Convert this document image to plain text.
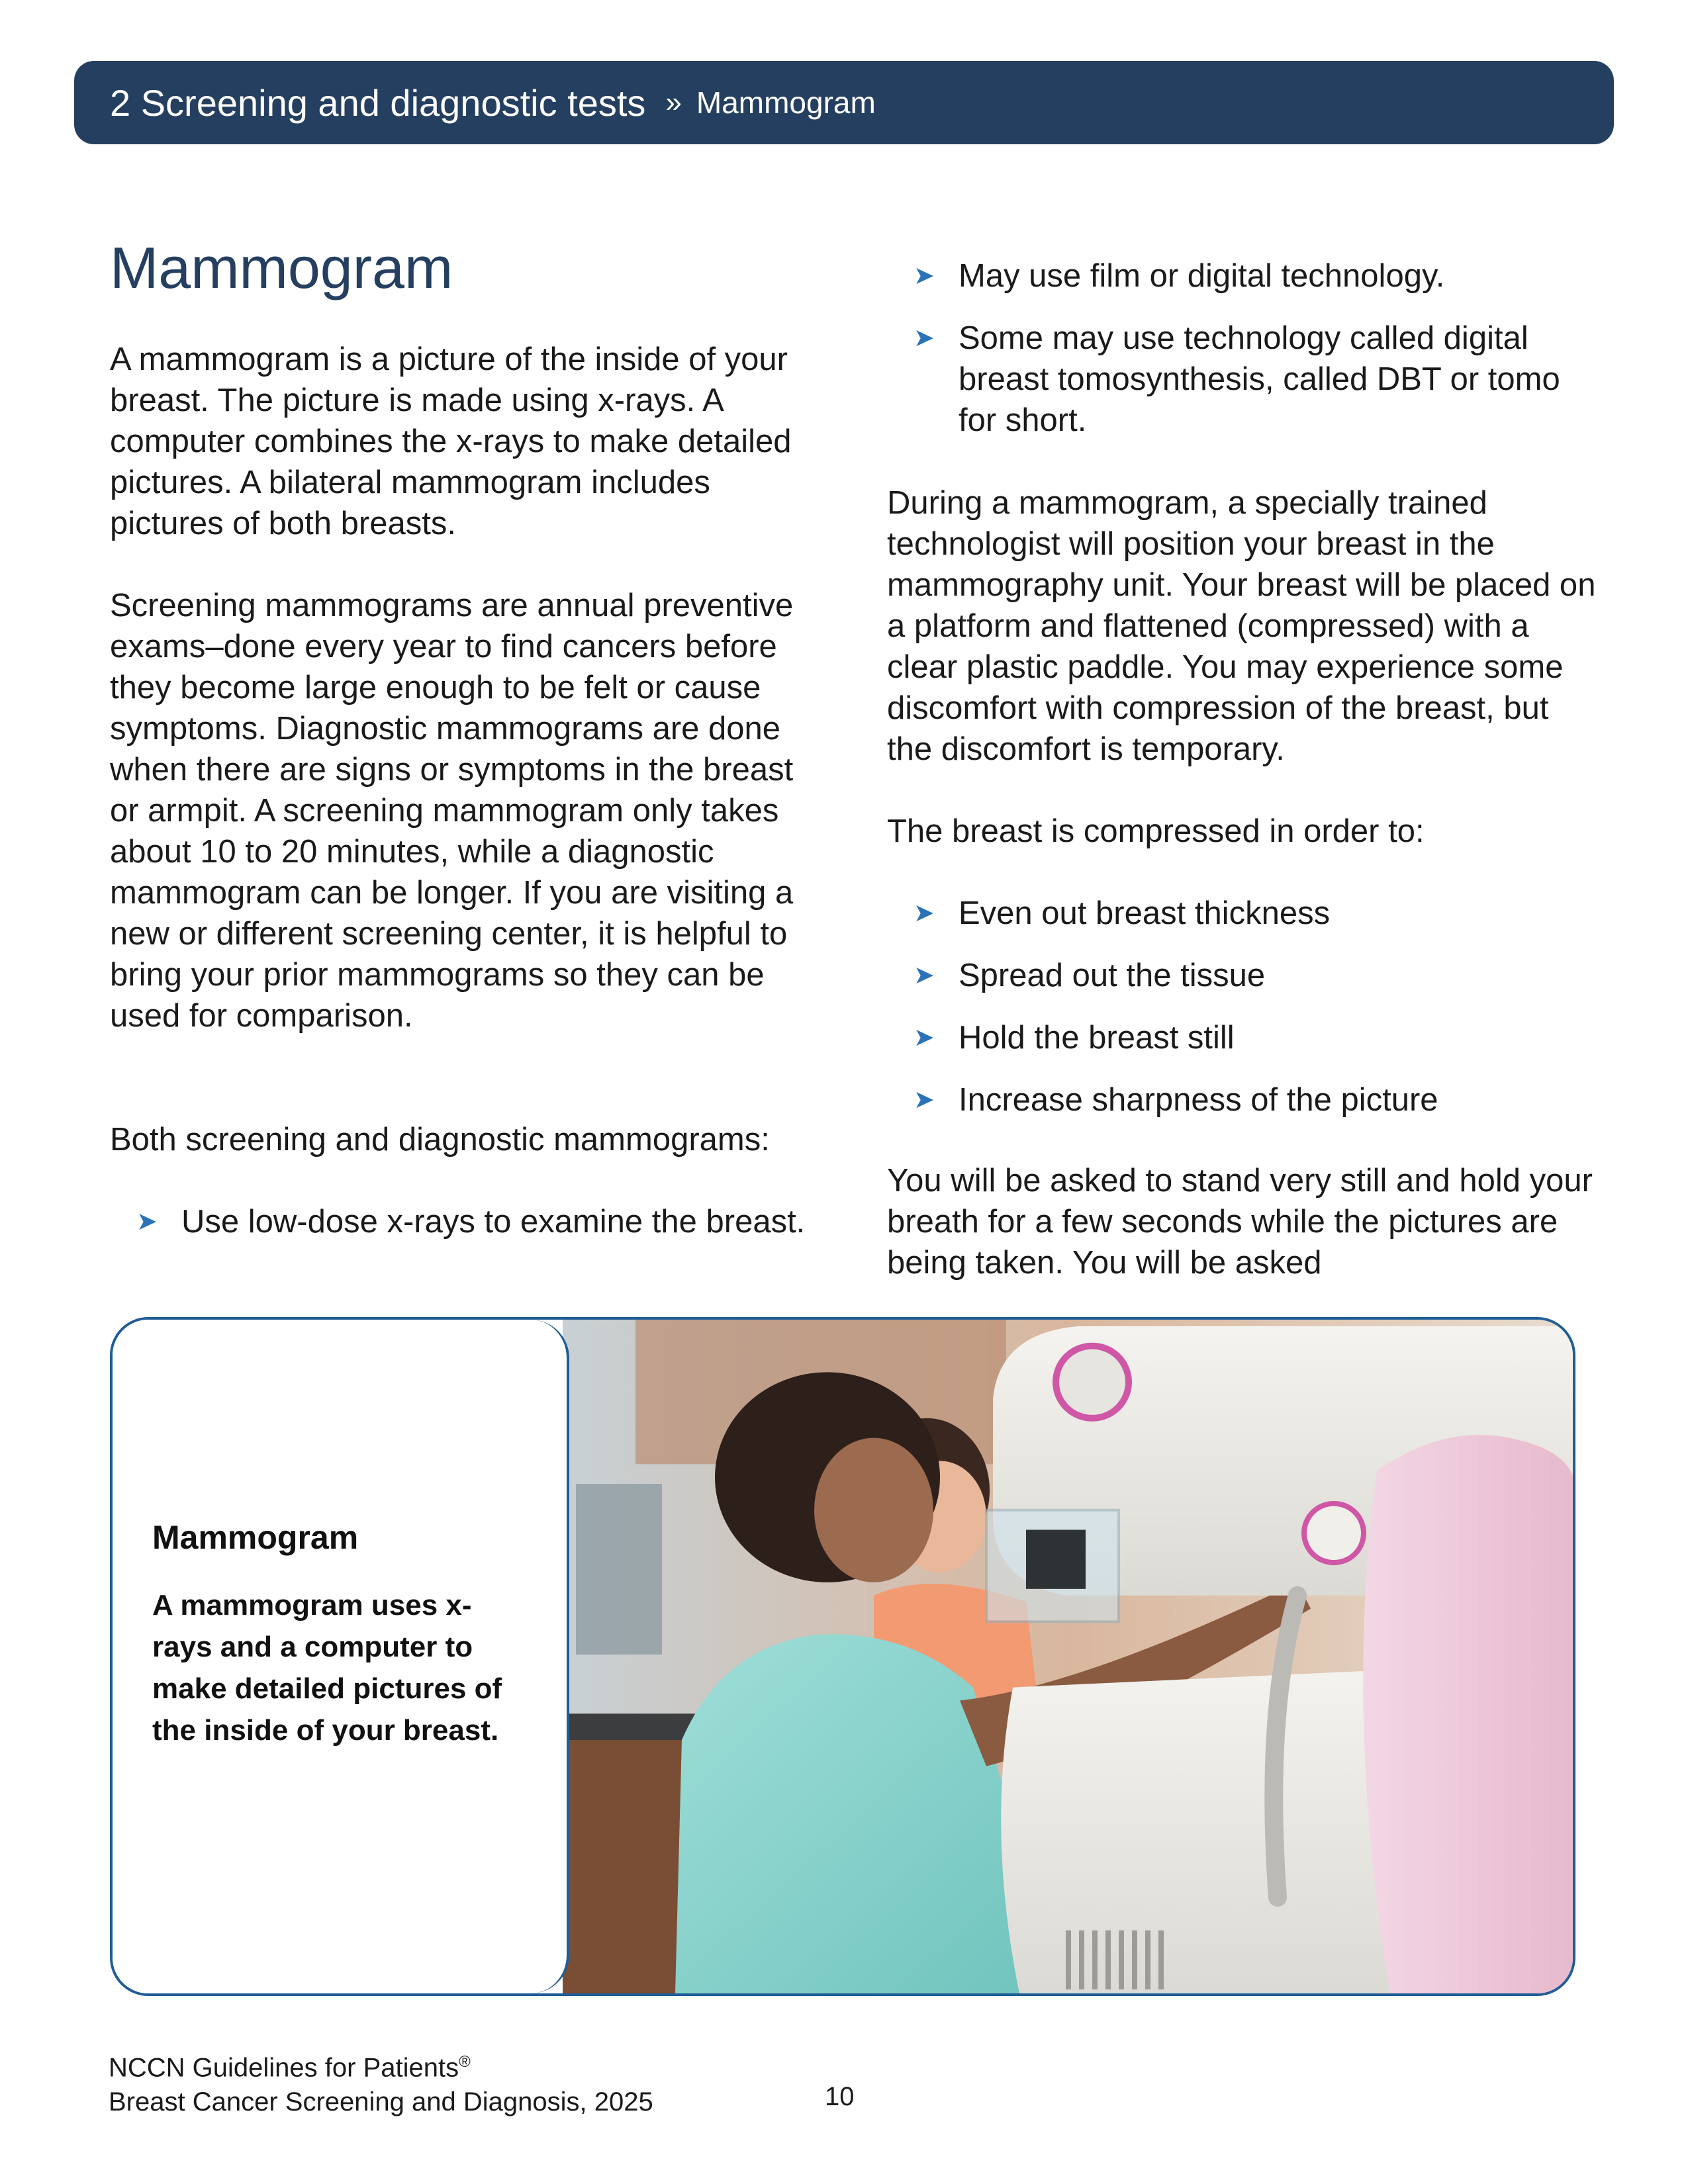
2 Screening and diagnostic tests » Mammogram
Mammogram

A mammogram is a picture of the inside of your breast. The picture is made using x-rays. A computer combines the x-rays to make detailed pictures. A bilateral mammogram includes pictures of both breasts.

Screening mammograms are annual preventive exams–done every year to find cancers before they become large enough to be felt or cause symptoms. Diagnostic mammograms are done when there are signs or symptoms in the breast or armpit. A screening mammogram only takes about 10 to 20 minutes, while a diagnostic mammogram can be longer. If you are visiting a new or different screening center, it is helpful to bring your prior mammograms so they can be used for comparison.

Both screening and diagnostic mammograms:

➤ Use low-dose x-rays to examine the breast.
➤ May use film or digital technology.
➤ Some may use technology called digital breast tomosynthesis, called DBT or tomo for short.

During a mammogram, a specially trained technologist will position your breast in the mammography unit. Your breast will be placed on a platform and flattened (compressed) with a clear plastic paddle. You may experience some discomfort with compression of the breast, but the discomfort is temporary.

The breast is compressed in order to:

➤ Even out breast thickness
➤ Spread out the tissue
➤ Hold the breast still
➤ Increase sharpness of the picture

You will be asked to stand very still and hold your breath for a few seconds while the pictures are being taken. You will be asked

Mammogram

A mammogram uses x-rays and a computer to make detailed pictures of the inside of your breast.

NCCN Guidelines for Patients®
Breast Cancer Screening and Diagnosis, 2025	10
